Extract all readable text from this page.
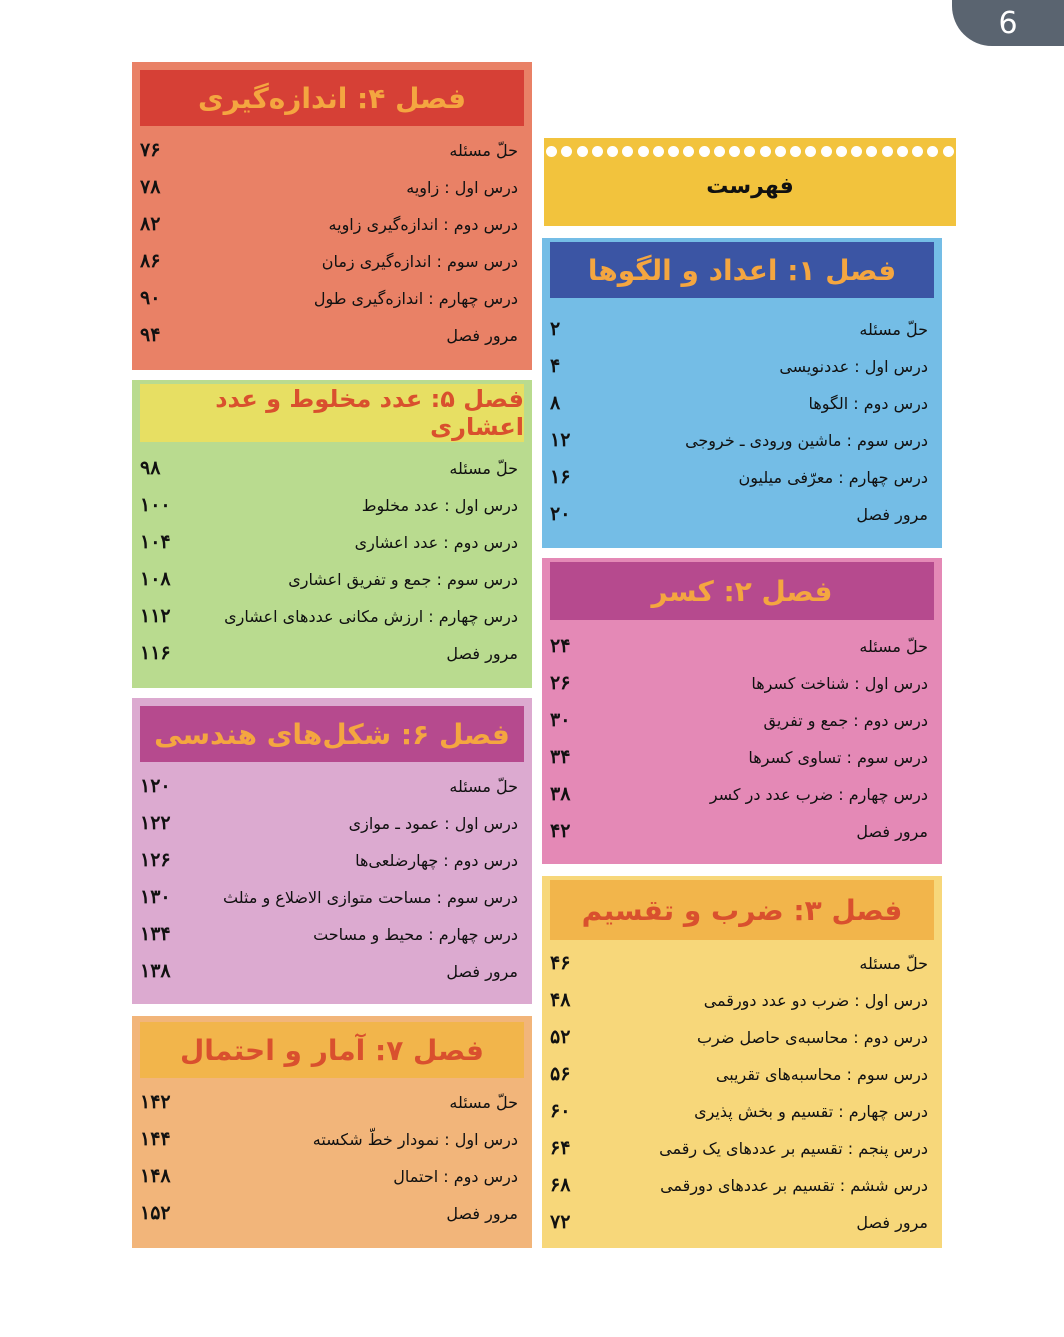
6
فهرست
فصل ۱: اعداد و الگوها
۲	حلّ مسئله
۴	درس اول : عددنویسی
۸	درس دوم : الگوها
۱۲	درس سوم : ماشین ورودی ـ خروجی
۱۶	درس چهارم : معرّفی میلیون
۲۰	مرور فصل
فصل ۲: کسر
۲۴	حلّ مسئله
۲۶	درس اول : شناخت کسرها
۳۰	درس دوم : جمع و تفریق
۳۴	درس سوم : تساوی کسرها
۳۸	درس چهارم : ضرب عدد در کسر
۴۲	مرور فصل
فصل ۳: ضرب و تقسیم
۴۶	حلّ مسئله
۴۸	درس اول : ضرب دو عدد دورقمی
۵۲	درس دوم : محاسبه‌ی حاصل ضرب
۵۶	درس سوم : محاسبه‌های تقریبی
۶۰	درس چهارم : تقسیم و بخش پذیری
۶۴	درس پنجم : تقسیم بر عددهای یک رقمی
۶۸	درس ششم : تقسیم بر عددهای دورقمی
۷۲	مرور فصل
فصل ۴: اندازه‌گیری
۷۶	حلّ مسئله
۷۸	درس اول : زاویه
۸۲	درس دوم : اندازه‌گیری زاویه
۸۶	درس سوم : اندازه‌گیری زمان
۹۰	درس چهارم : اندازه‌گیری طول
۹۴	مرور فصل
فصل ۵: عدد مخلوط و عدد اعشاری
۹۸	حلّ مسئله
۱۰۰	درس اول : عدد مخلوط
۱۰۴	درس دوم : عدد اعشاری
۱۰۸	درس سوم : جمع و تفریق اعشاری
۱۱۲	درس چهارم : ارزش مکانی عددهای اعشاری
۱۱۶	مرور فصل
فصل ۶: شکل‌های هندسی
۱۲۰	حلّ مسئله
۱۲۲	درس اول : عمود ـ موازی
۱۲۶	درس دوم : چهارضلعی‌ها
۱۳۰	درس سوم : مساحت متوازی الاضلاع و مثلث
۱۳۴	درس چهارم : محیط و مساحت
۱۳۸	مرور فصل
فصل ۷: آمار و احتمال
۱۴۲	حلّ مسئله
۱۴۴	درس اول : نمودار خطّ شکسته
۱۴۸	درس دوم : احتمال
۱۵۲	مرور فصل
